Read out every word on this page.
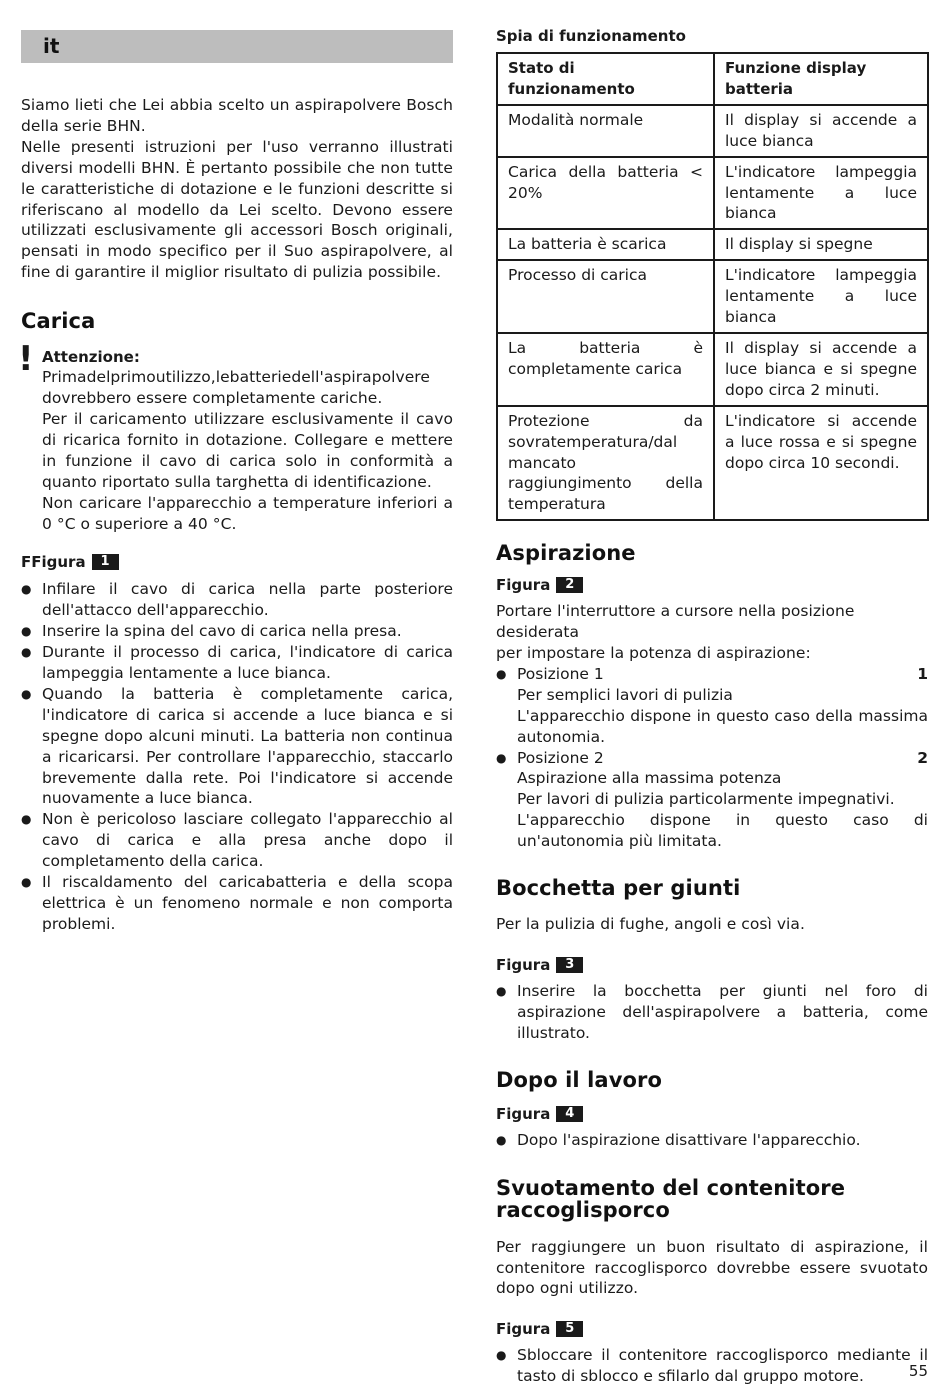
it

Siamo lieti che Lei abbia scelto un aspirapolvere Bosch della serie BHN.

Nelle presenti istruzioni per l'uso verranno illustrati diversi modelli BHN. È pertanto possibile che non tutte le caratteristiche di dotazione e le funzioni descritte si riferiscano al modello da Lei scelto. Devono essere utilizzati esclusivamente gli accessori Bosch originali, pensati in modo specifico per il Suo aspirapolvere, al fine di garantire il miglior risultato di pulizia possibile.

Carica
! Attenzione:

Primadelprimoutilizzo,lebatteriedell'aspirapolvere dovrebbero essere completamente cariche.

Per il caricamento utilizzare esclusivamente il cavo di ricarica fornito in dotazione. Collegare e mettere in funzione il cavo di carica solo in conformità a quanto riportato sulla targhetta di identificazione.

Non caricare l'apparecchio a temperature inferiori a 0 °C o superiore a 40 °C.

FFigura	1
● Infilare il cavo di carica nella parte posteriore dell'attacco dell'apparecchio.
● Inserire la spina del cavo di carica nella presa.
● Durante il processo di carica, l'indicatore di carica lampeggia lentamente a luce bianca.
● Quando la batteria è completamente carica, l'indicatore di carica si accende a luce bianca e si spegne dopo alcuni minuti. La batteria non continua a ricaricarsi. Per controllare l'apparecchio, staccarlo brevemente dalla rete. Poi l'indicatore si accende nuovamente a luce bianca.
● Non è pericoloso lasciare collegato l'apparecchio al cavo di carica e alla presa anche dopo il completamento della carica.
● Il riscaldamento del caricabatteria e della scopa elettrica è un fenomeno normale e non comporta problemi.
Spia di funzionamento
Stato di funzionamento	Funzione display batteria
Modalità normale	Il display si accende a luce bianca
Carica della batteria < 20%	L'indicatore lampeggia lentamente a luce bianca
La batteria è scarica	Il display si spegne
Processo di carica	L'indicatore lampeggia lentamente a luce bianca
La batteria è completamente carica	Il display si accende a luce bianca e si spegne dopo circa 2 minuti.
Protezione da sovratemperatura/dal mancato raggiungimento della temperatura	L'indicatore si accende a luce rossa e si spegne dopo circa 10 secondi.
Aspirazione
Figura	2

Portare l'interruttore a cursore nella posizione desiderata

per impostare la potenza di aspirazione:

● Posizione 1	1
Per semplici lavori di pulizia
L'apparecchio dispone in questo caso della massima autonomia.
● Posizione 2	2
Aspirazione alla massima potenza
Per lavori di pulizia particolarmente impegnativi.
L'apparecchio dispone in questo caso di un'autonomia più limitata.
Bocchetta per giunti

Per la pulizia di fughe, angoli e così via.

Figura	3
● Inserire la bocchetta per giunti nel foro di aspirazione dell'aspirapolvere a batteria, come illustrato.
Dopo il lavoro
Figura	4
● Dopo l'aspirazione disattivare l'apparecchio.
Svuotamento del contenitore raccoglisporco

Per raggiungere un buon risultato di aspirazione, il contenitore raccoglisporco dovrebbe essere svuotato dopo ogni utilizzo.

Figura	5
● Sbloccare il contenitore raccoglisporco mediante il tasto di sblocco e sfilarlo dal gruppo motore.	55
